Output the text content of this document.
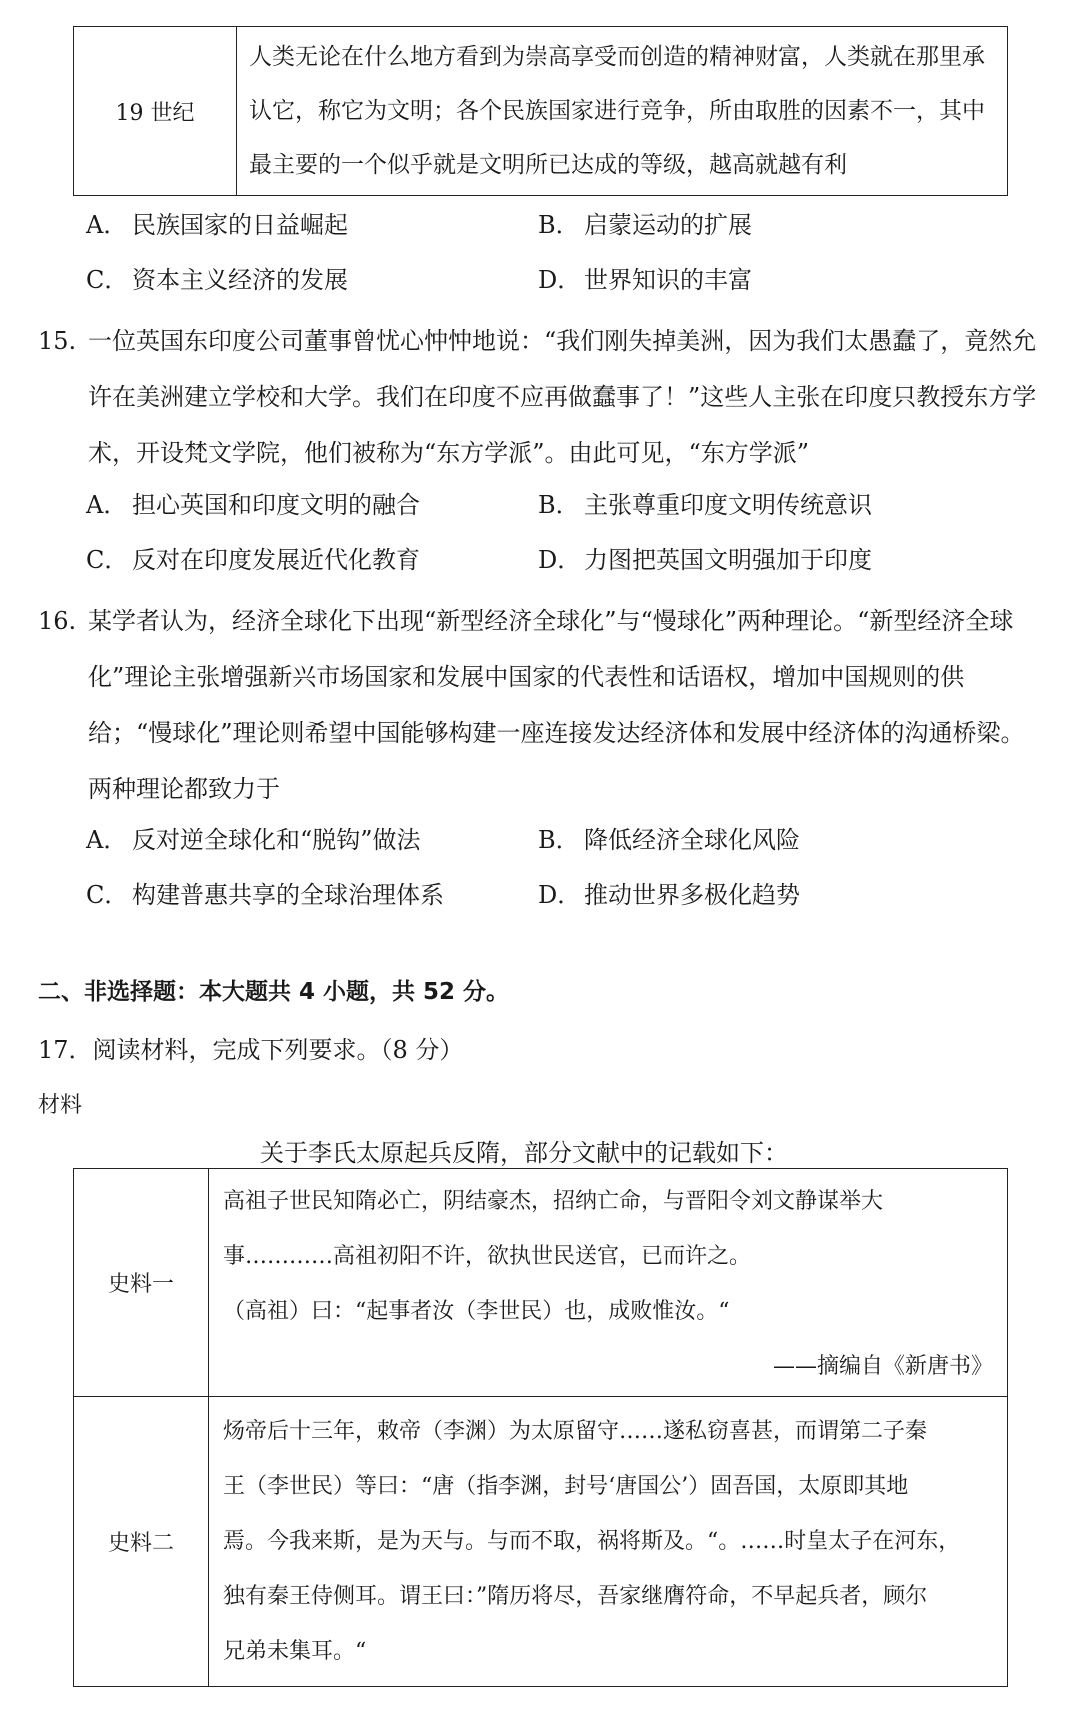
19 世纪	人类无论在什么地方看到为崇高享受而创造的精神财富，人类就在那里承认它，称它为文明；各个民族国家进行竞争，所由取胜的因素不一，其中最主要的一个似乎就是文明所已达成的等级，越高就越有利
A． 民族国家的日益崛起	B． 启蒙运动的扩展
C． 资本主义经济的发展	D． 世界知识的丰富
15. 一位英国东印度公司董事曾忧心忡忡地说：“我们刚失掉美洲，因为我们太愚蠢了，竟然允许在美洲建立学校和大学。我们在印度不应再做蠢事了！”这些人主张在印度只教授东方学术，开设梵文学院，他们被称为“东方学派”。由此可见，“东方学派”
A． 担心英国和印度文明的融合	B． 主张尊重印度文明传统意识
C． 反对在印度发展近代化教育	D． 力图把英国文明强加于印度
16. 某学者认为，经济全球化下出现“新型经济全球化”与“慢球化”两种理论。“新型经济全球化”理论主张增强新兴市场国家和发展中国家的代表性和话语权，增加中国规则的供给；“慢球化”理论则希望中国能够构建一座连接发达经济体和发展中经济体的沟通桥梁。两种理论都致力于
A． 反对逆全球化和“脱钩”做法	B． 降低经济全球化风险
C． 构建普惠共享的全球治理体系	D． 推动世界多极化趋势
二、非选择题：本大题共 4 小题，共 52 分。
17．阅读材料，完成下列要求。（8 分）
材料
关于李氏太原起兵反隋，部分文献中的记载如下：
史料一	高祖子世民知隋必亡，阴结豪杰，招纳亡命，与晋阳令刘文静谋举大
事…………高祖初阳不许，欲执世民送官，已而许之。
（高祖）曰：“起事者汝（李世民）也，成败惟汝。“
——摘编自《新唐书》

史料二	炀帝后十三年，敕帝（李渊）为太原留守……遂私窃喜甚，而谓第二子秦
王（李世民）等曰：“唐（指李渊，封号‘唐国公’）固吾国，太原即其地
焉。今我来斯，是为天与。与而不取，祸将斯及。“。……时皇太子在河东，
独有秦王侍侧耳。谓王曰：”隋历将尽，吾家继膺符命，不早起兵者，顾尔
兄弟未集耳。“
